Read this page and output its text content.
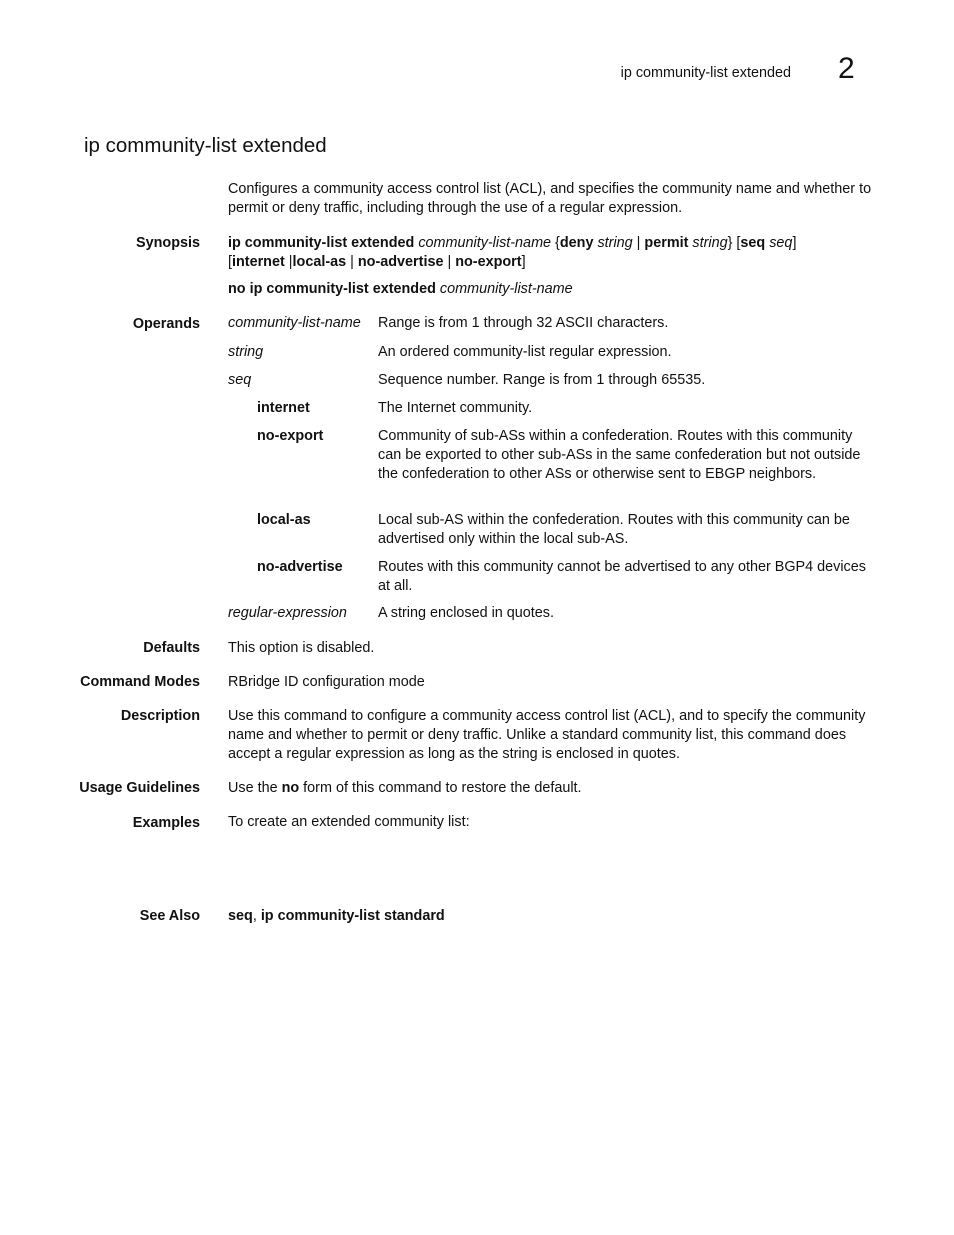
ip community-list extended 2
ip community-list extended

Configures a community access control list (ACL), and specifies the community name and whether to permit or deny traffic, including through the use of a regular expression.

Synopsis ip community-list extended community-list-name {deny string | permit string} [seq seq]
[internet |local-as | no-advertise | no-export]
no ip community-list extended community-list-name
Operands community-list-name Range is from 1 through 32 ASCII characters.
string	An ordered community-list regular expression.
seq	Sequence number. Range is from 1 through 65535.
internet	The Internet community.
no-export	Community of sub-ASs within a confederation. Routes with this community can be exported to other sub-ASs in the same confederation but not outside the confederation to other ASs or otherwise sent to EBGP neighbors.
local-as	Local sub-AS within the confederation. Routes with this community can be advertised only within the local sub-AS.
no-advertise Routes with this community cannot be advertised to any other BGP4 devices at all.
regular-expression A string enclosed in quotes.
Defaults This option is disabled.

Command Modes RBridge ID configuration mode

Description Use this command to configure a community access control list (ACL), and to specify the community name and whether to permit or deny traffic. Unlike a standard community list, this command does accept a regular expression as long as the string is enclosed in quotes.

Usage Guidelines Use the no form of this command to restore the default.

Examples To create an extended community list:

See Also seq, ip community-list standard
